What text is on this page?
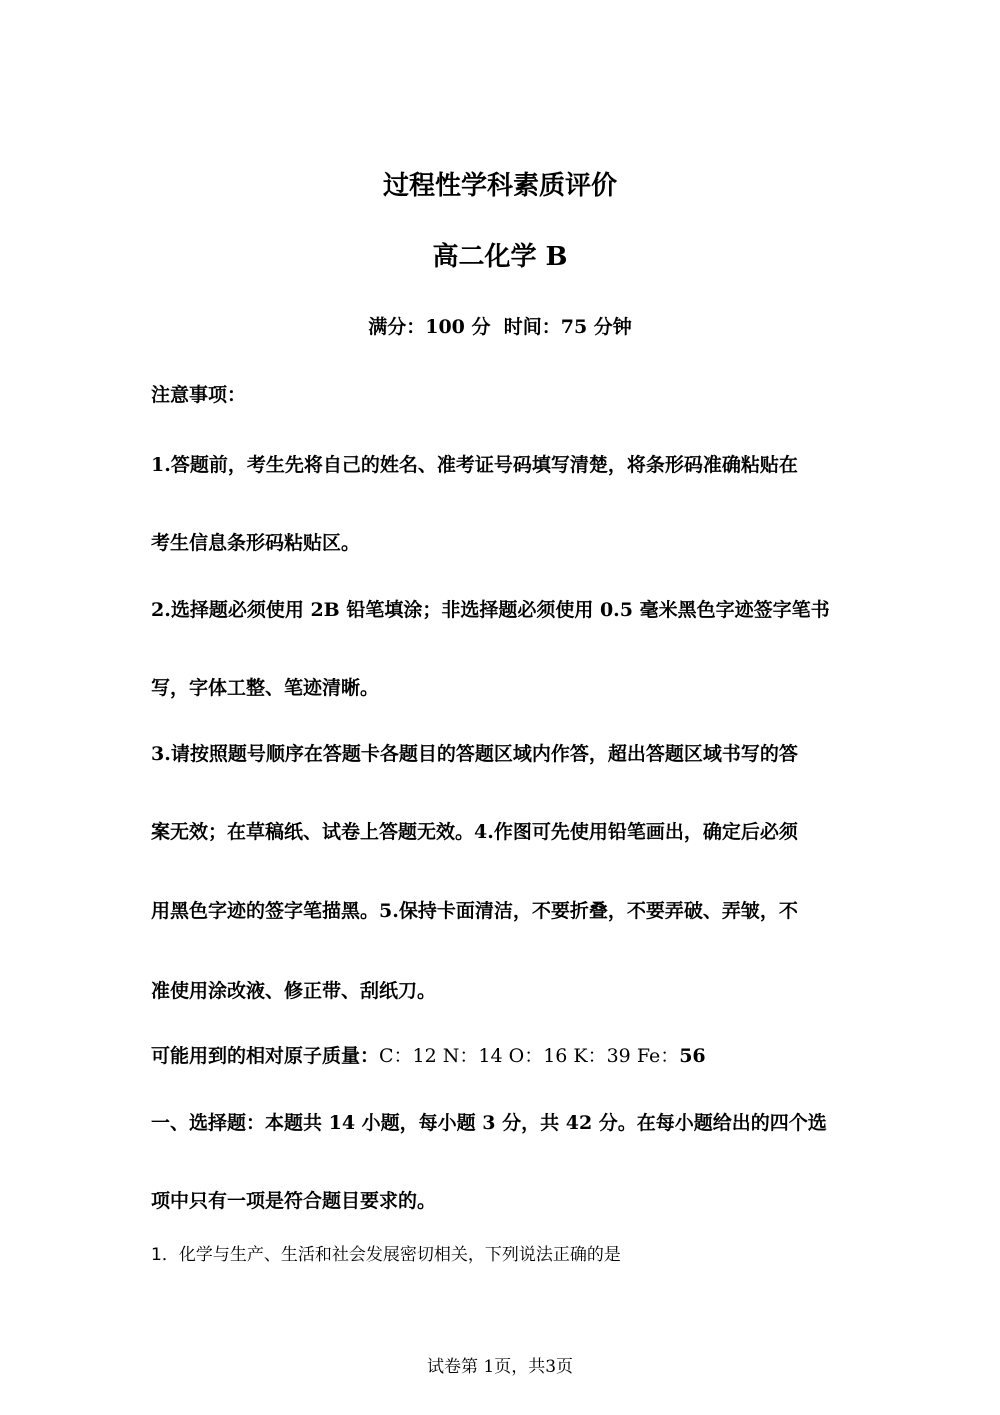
过程性学科素质评价
高二化学 B
满分：100 分  时间：75 分钟
注意事项：
1.答题前，考生先将自己的姓名、准考证号码填写清楚，将条形码准确粘贴在
考生信息条形码粘贴区。
2.选择题必须使用 2B 铅笔填涂；非选择题必须使用 0.5 毫米黑色字迹签字笔书
写，字体工整、笔迹清晰。
3.请按照题号顺序在答题卡各题目的答题区域内作答，超出答题区域书写的答
案无效；在草稿纸、试卷上答题无效。4.作图可先使用铅笔画出，确定后必须
用黑色字迹的签字笔描黑。5.保持卡面清洁，不要折叠，不要弄破、弄皱，不
准使用涂改液、修正带、刮纸刀。
可能用到的相对原子质量：C：12 N：14 O：16 K：39 Fe：56
一、选择题：本题共 14 小题，每小题 3 分，共 42 分。在每小题给出的四个选
项中只有一项是符合题目要求的。
1．化学与生产、生活和社会发展密切相关，下列说法正确的是
试卷第 1页，共3页
